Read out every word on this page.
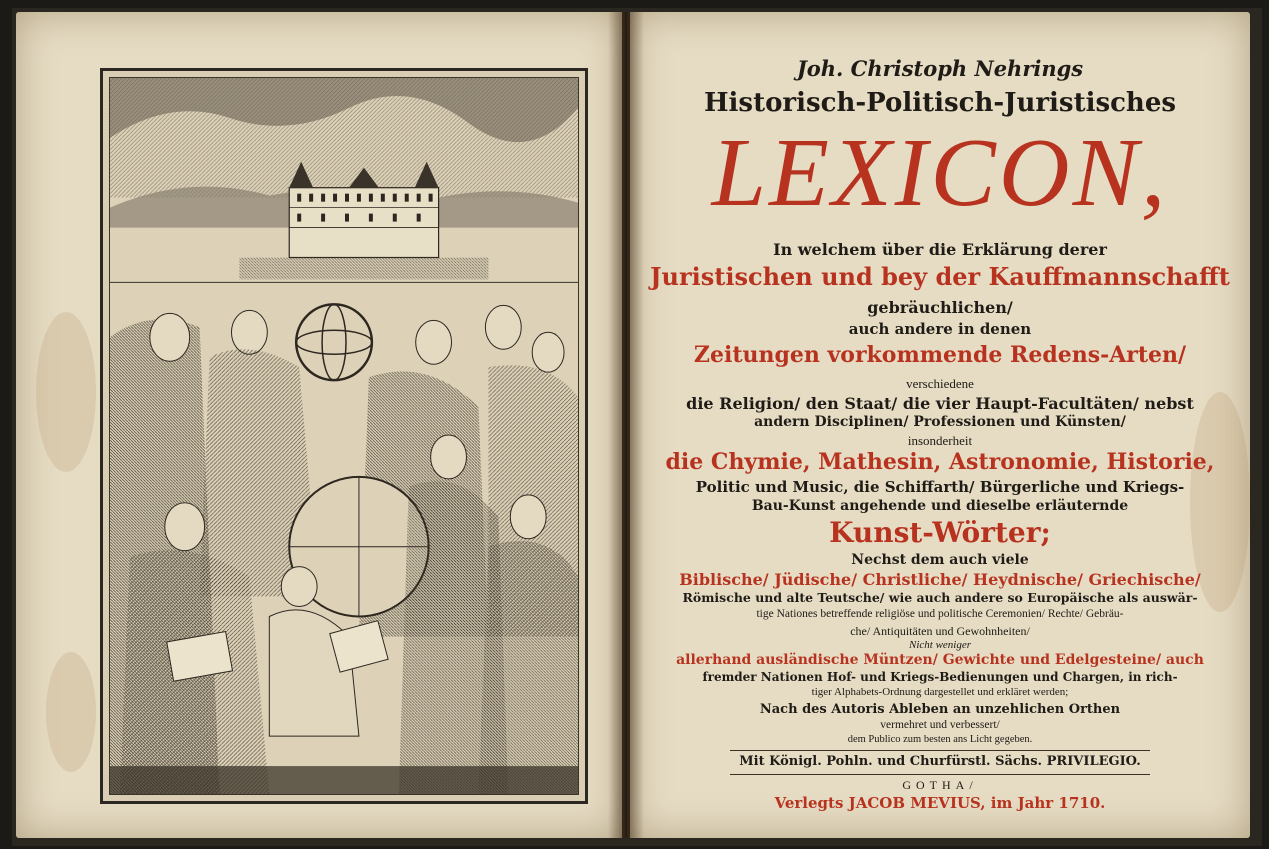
Joh. Christoph Nehrings
Historisch-Politisch-Juristisches
LEXICON,
In welchem über die Erklärung derer
Juristischen und bey der Kauffmannschafft
gebräuchlichen/
auch andere in denen
Zeitungen vorkommende Redens-Arten/
verschiedene
die Religion/ den Staat/ die vier Haupt-Facultäten/ nebst
andern Disciplinen/ Professionen und Künsten/
insonderheit
die Chymie, Mathesin, Astronomie, Historie,
Politic und Music, die Schiffarth/ Bürgerliche und Kriegs-
Bau-Kunst angehende und dieselbe erläuternde
Kunst-Wörter;
Nechst dem auch viele
Biblische/ Jüdische/ Christliche/ Heydnische/ Griechische/
Römische und alte Teutsche/ wie auch andere so Europäische als auswär-
tige Nationes betreffende religiöse und politische Ceremonien/ Rechte/ Gebräu-
che/ Antiquitäten und Gewohnheiten/
Nicht weniger
allerhand ausländische Müntzen/ Gewichte und Edelgesteine/ auch
fremder Nationen Hof- und Kriegs-Bedienungen und Chargen, in rich-
tiger Alphabets-Ordnung dargestellet und erkläret werden;
Nach des Autoris Ableben an unzehlichen Orthen
vermehret und verbessert/
dem Publico zum besten ans Licht gegeben.
Mit Königl. Pohln. und Churfürstl. Sächs. PRIVILEGIO.
GOTHA/
Verlegts JACOB MEVIUS, im Jahr 1710.
